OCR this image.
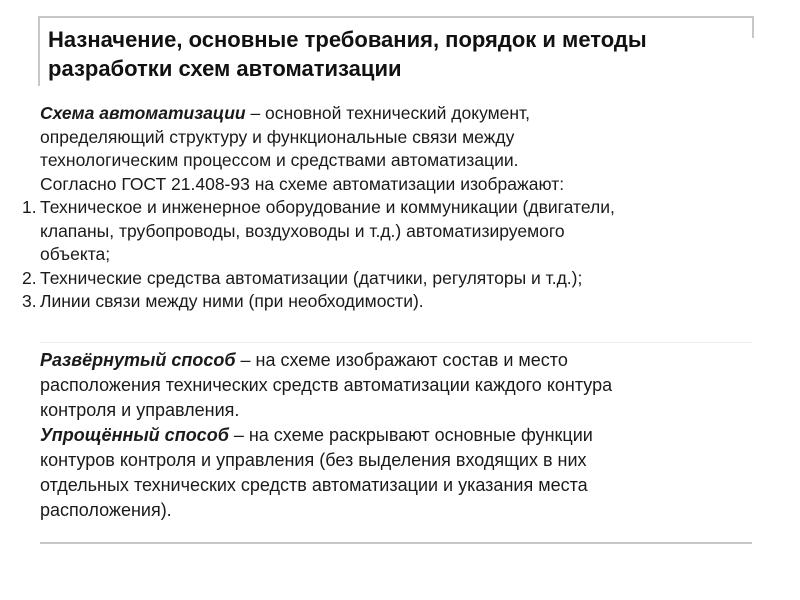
Назначение, основные требования, порядок и методы
разработки схем автоматизации
Схема автоматизации – основной технический документ,
определяющий структуру и функциональные связи между
технологическим процессом и средствами автоматизации.
Согласно ГОСТ 21.408-93 на схеме автоматизации изображают:
1. Техническое и инженерное оборудование и коммуникации (двигатели,
клапаны, трубопроводы, воздуховоды и т.д.) автоматизируемого
объекта;
2. Технические средства автоматизации (датчики, регуляторы и т.д.);
3. Линии связи между ними (при необходимости).
Развёрнутый способ – на схеме изображают состав и место
расположения технических средств автоматизации каждого контура
контроля и управления.
Упрощённый способ – на схеме раскрывают основные функции
контуров контроля и управления (без выделения входящих в них
отдельных технических средств автоматизации и указания места
расположения).
